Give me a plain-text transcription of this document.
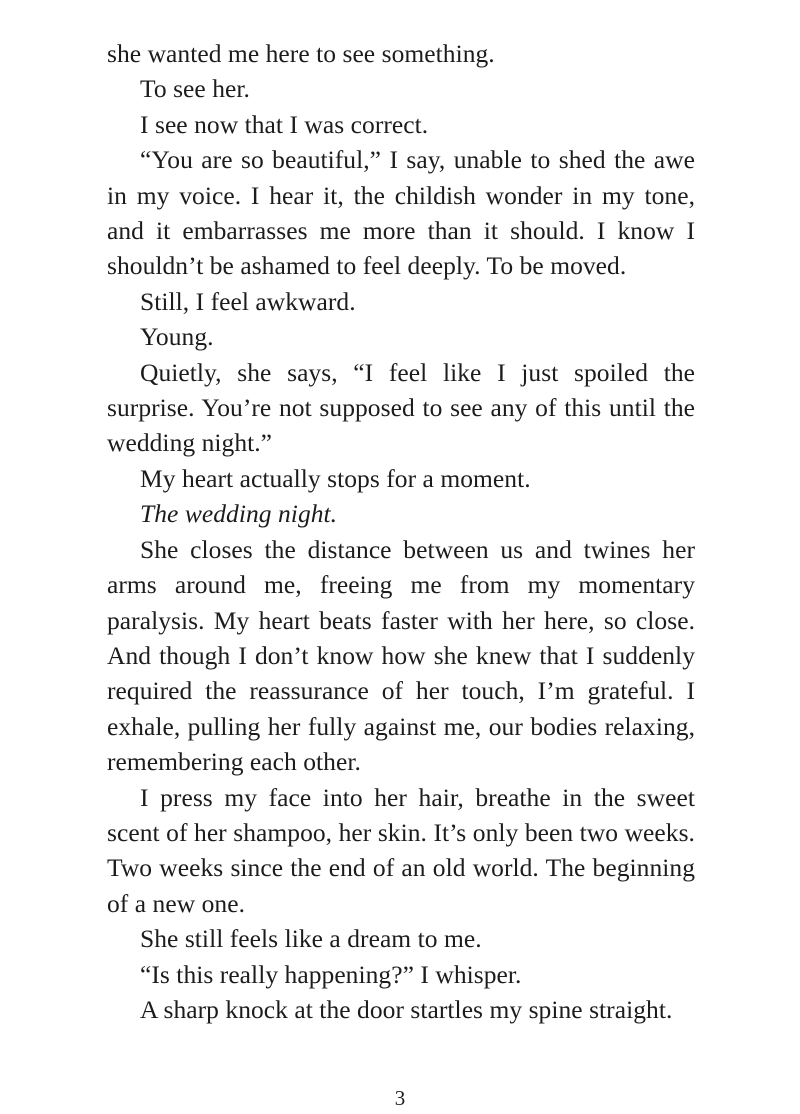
she wanted me here to see something.

To see her.

I see now that I was correct.

“You are so beautiful,” I say, unable to shed the awe in my voice. I hear it, the childish wonder in my tone, and it embarrasses me more than it should. I know I shouldn’t be ashamed to feel deeply. To be moved.

Still, I feel awkward.

Young.

Quietly, she says, “I feel like I just spoiled the surprise. You’re not supposed to see any of this until the wedding night.”

My heart actually stops for a moment.

The wedding night.

She closes the distance between us and twines her arms around me, freeing me from my momentary paralysis. My heart beats faster with her here, so close. And though I don’t know how she knew that I suddenly required the reassurance of her touch, I’m grateful. I exhale, pulling her fully against me, our bodies relaxing, remembering each other.

I press my face into her hair, breathe in the sweet scent of her shampoo, her skin. It’s only been two weeks. Two weeks since the end of an old world. The beginning of a new one.

She still feels like a dream to me.

“Is this really happening?” I whisper.

A sharp knock at the door startles my spine straight.

3
